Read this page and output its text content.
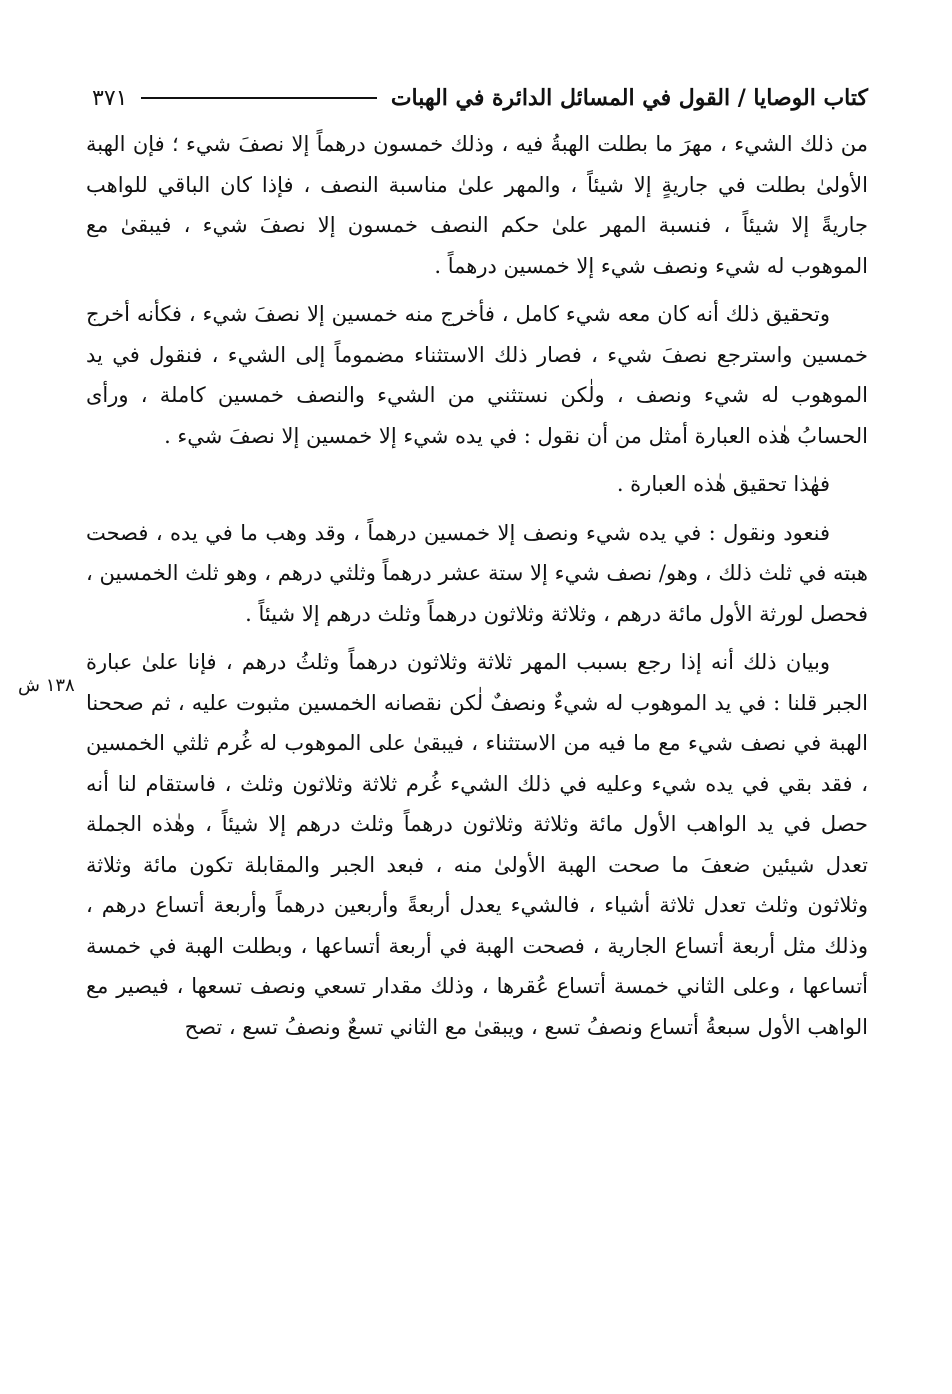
كتاب الوصايا / القول في المسائل الدائرة في الهبات
٣٧١
١٣٨ ش

من ذلك الشيء ، مهرَ ما بطلت الهبةُ فيه ، وذلك خمسون درهماً إلا نصفَ شيء ؛ فإن الهبة الأولىٰ بطلت في جاريةٍ إلا شيئاً ، والمهر علىٰ مناسبة النصف ، فإذا كان الباقي للواهب جاريةً إلا شيئاً ، فنسبة المهر علىٰ حكم النصف خمسون إلا نصفَ شيء ، فيبقىٰ مع الموهوب له شيء ونصف شيء إلا خمسين درهماً .

وتحقيق ذلك أنه كان معه شيء كامل ، فأخرج منه خمسين إلا نصفَ شيء ، فكأنه أخرج خمسين واسترجع نصفَ شيء ، فصار ذلك الاستثناء مضموماً إلى الشيء ، فنقول في يد الموهوب له شيء ونصف ، ولٰكن نستثني من الشيء والنصف خمسين كاملة ، ورأى الحسابُ هٰذه العبارة أمثل من أن نقول : في يده شيء إلا خمسين إلا نصفَ شيء .

فهٰذا تحقيق هٰذه العبارة .

فنعود ونقول : في يده شيء ونصف إلا خمسين درهماً ، وقد وهب ما في يده ، فصحت هبته في ثلث ذلك ، وهو/ نصف شيء إلا ستة عشر درهماً وثلثي درهم ، وهو ثلث الخمسين ، فحصل لورثة الأول مائة درهم ، وثلاثة وثلاثون درهماً وثلث درهم إلا شيئاً .

وبيان ذلك أنه إذا رجع بسبب المهر ثلاثة وثلاثون درهماً وثلثُ درهم ، فإنا علىٰ عبارة الجبر قلنا : في يد الموهوب له شيءٌ ونصفٌ لٰكن نقصانه الخمسين مثبوت عليه ، ثم صححنا الهبة في نصف شيء مع ما فيه من الاستثناء ، فيبقىٰ على الموهوب له غُرم ثلثي الخمسين ، فقد بقي في يده شيء وعليه في ذلك الشيء غُرم ثلاثة وثلاثون وثلث ، فاستقام لنا أنه حصل في يد الواهب الأول مائة وثلاثة وثلاثون درهماً وثلث درهم إلا شيئاً ، وهٰذه الجملة تعدل شيئين ضعفَ ما صحت الهبة الأولىٰ منه ، فبعد الجبر والمقابلة تكون مائة وثلاثة وثلاثون وثلث تعدل ثلاثة أشياء ، فالشيء يعدل أربعةً وأربعين درهماً وأربعة أتساع درهم ، وذلك مثل أربعة أتساع الجارية ، فصحت الهبة في أربعة أتساعها ، وبطلت الهبة في خمسة أتساعها ، وعلى الثاني خمسة أتساع عُقرها ، وذلك مقدار تسعي ونصف تسعها ، فيصير مع الواهب الأول سبعةُ أتساع ونصفُ تسع ، ويبقىٰ مع الثاني تسعٌ ونصفُ تسع ، تصح
